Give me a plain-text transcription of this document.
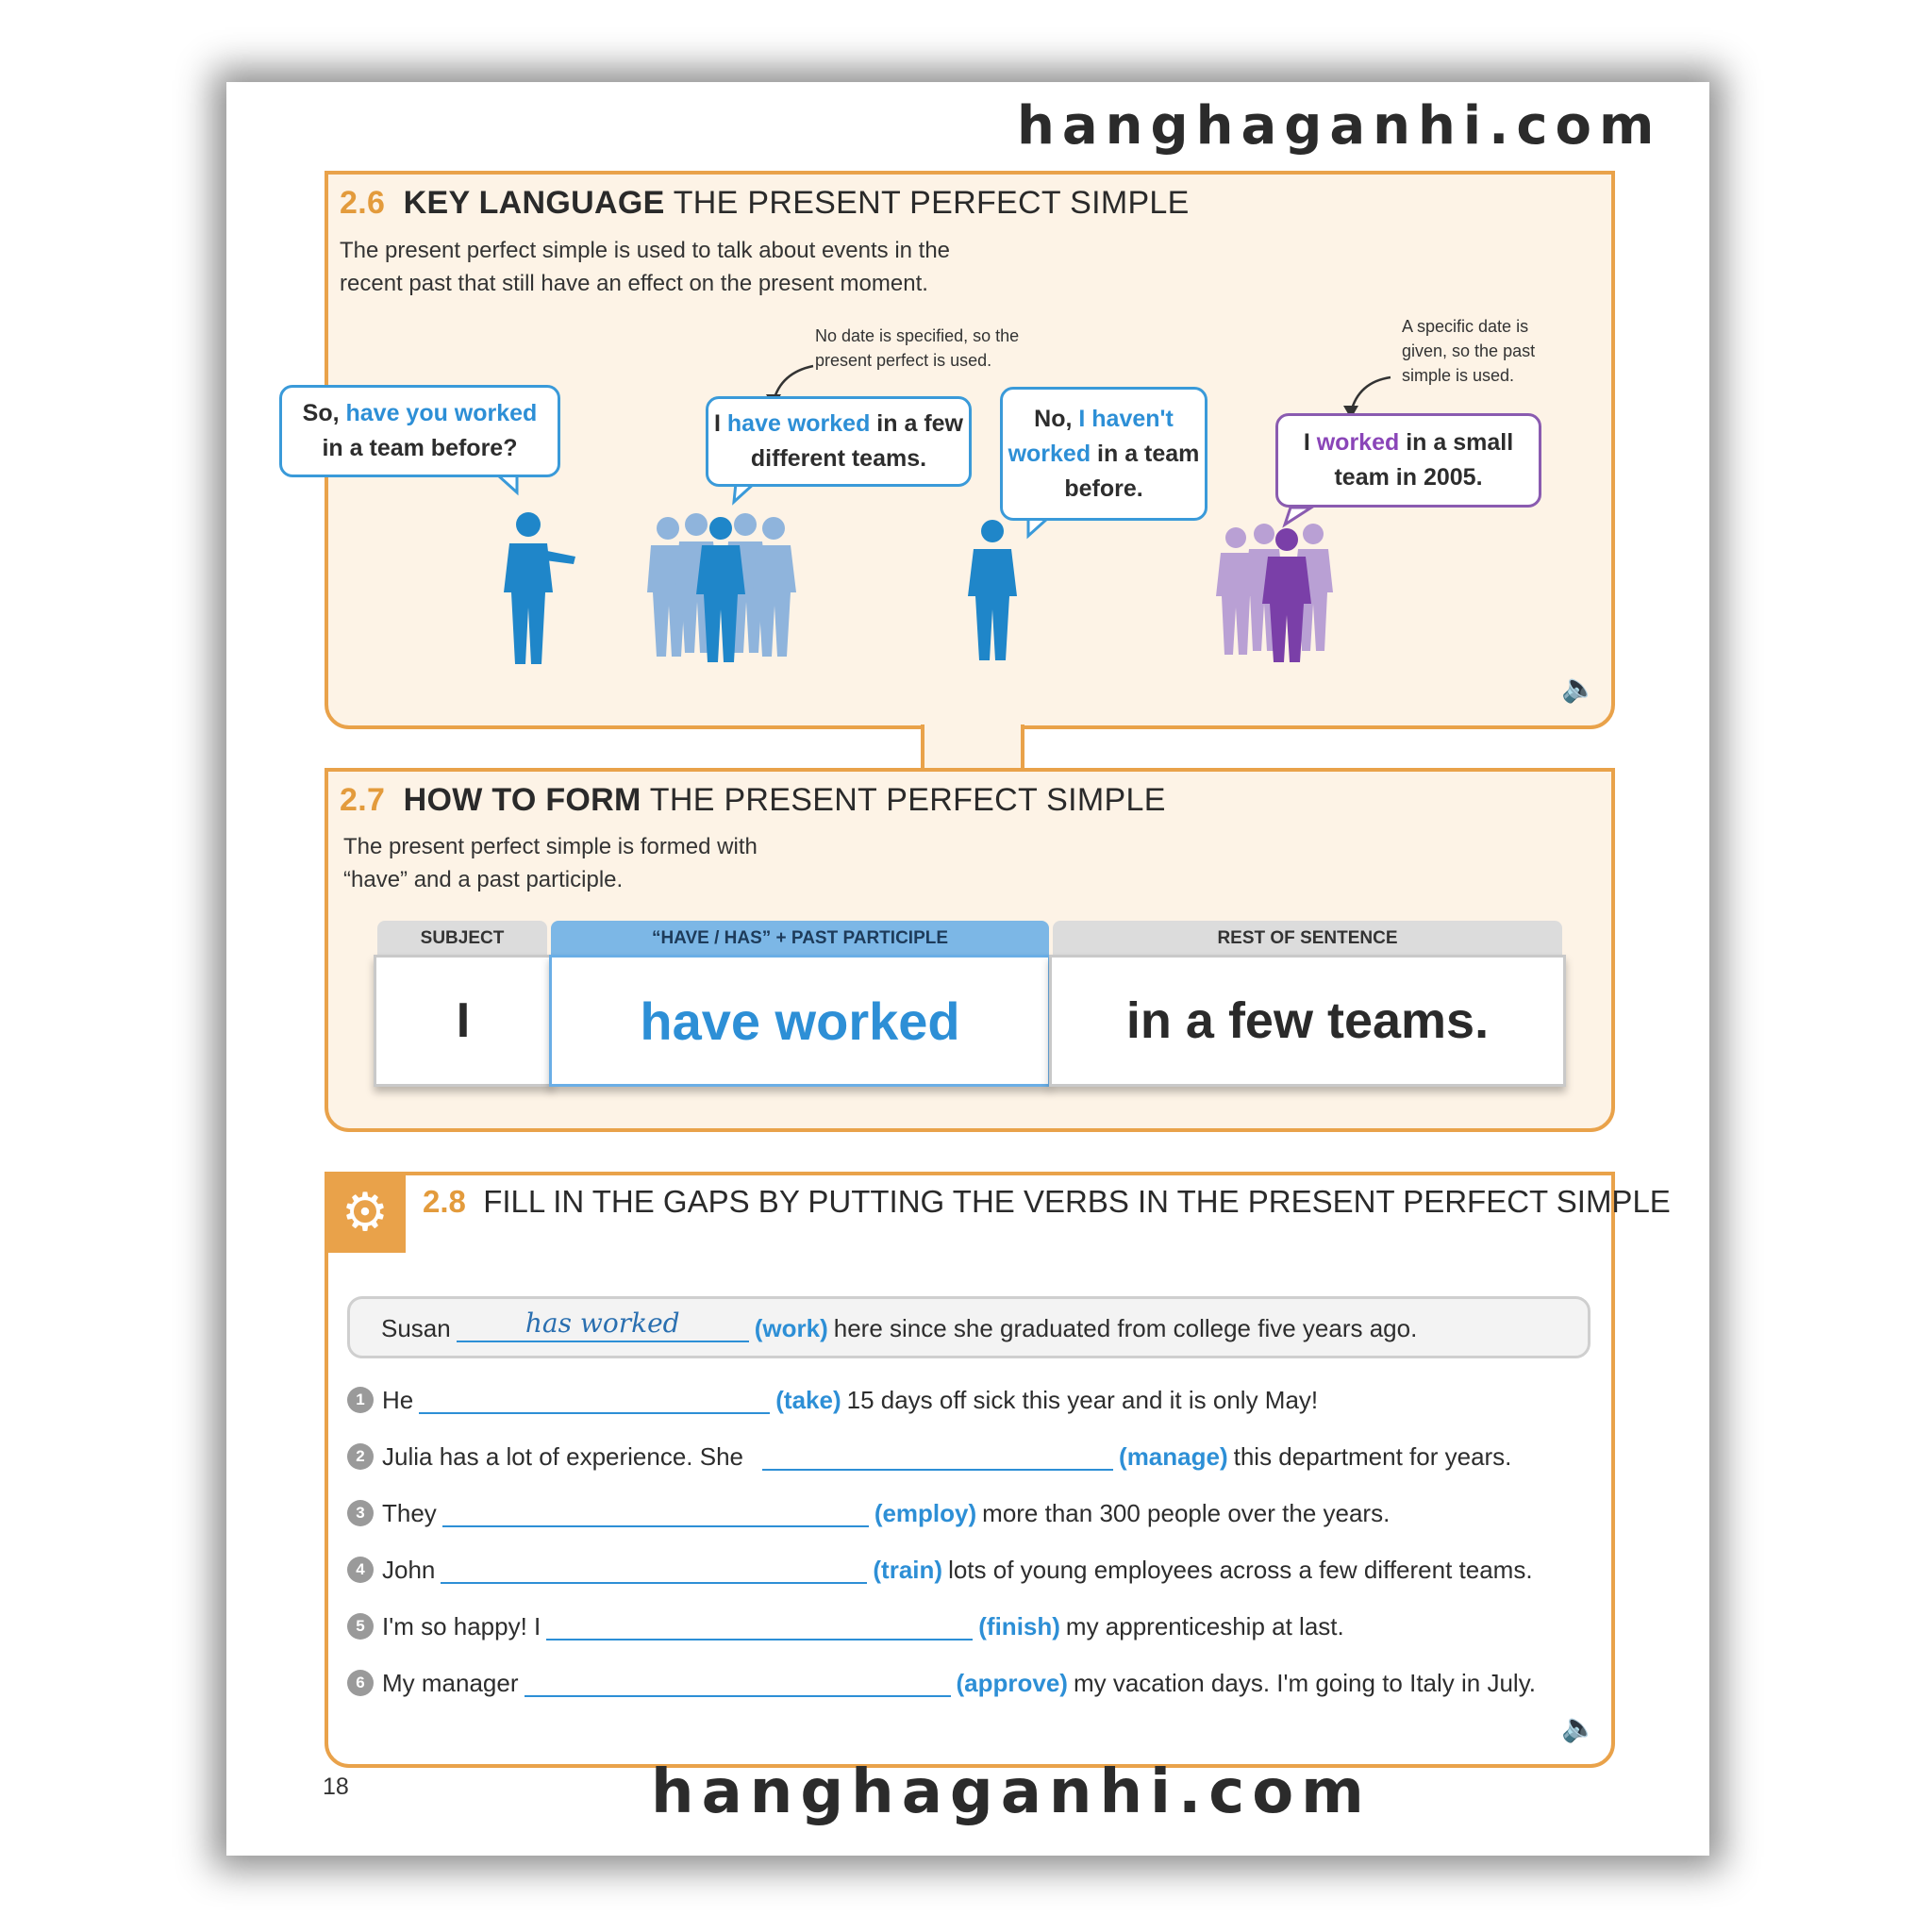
hanghaganhi.com
2.6 KEY LANGUAGE THE PRESENT PERFECT SIMPLE
The present perfect simple is used to talk about events in the recent past that still have an effect on the present moment.
No date is specified, so the present perfect is used.
A specific date is given, so the past simple is used.
So, have you worked
in a team before?
I have worked in a few different teams.
No, I haven't worked in a team before.
I worked in a small team in 2005.
🔈
2.7 HOW TO FORM THE PRESENT PERFECT SIMPLE
The present perfect simple is formed with “have” and a past participle.
SUBJECT	“HAVE / HAS” + PAST PARTICIPLE	REST OF SENTENCE
I	have worked	in a few teams.
⚙	2.8 FILL IN THE GAPS BY PUTTING THE VERBS IN THE PRESENT PERFECT SIMPLE
Susan	has worked	(work) here since she graduated from college five years ago.
1 He	(take) 15 days off sick this year and it is only May!
2 Julia has a lot of experience. She	(manage) this department for years.
3 They	(employ) more than 300 people over the years.
4 John	(train) lots of young employees across a few different teams.
5 I'm so happy! I	(finish) my apprenticeship at last.
6 My manager	(approve) my vacation days. I'm going to Italy in July.
🔈
18	hanghaganhi.com
